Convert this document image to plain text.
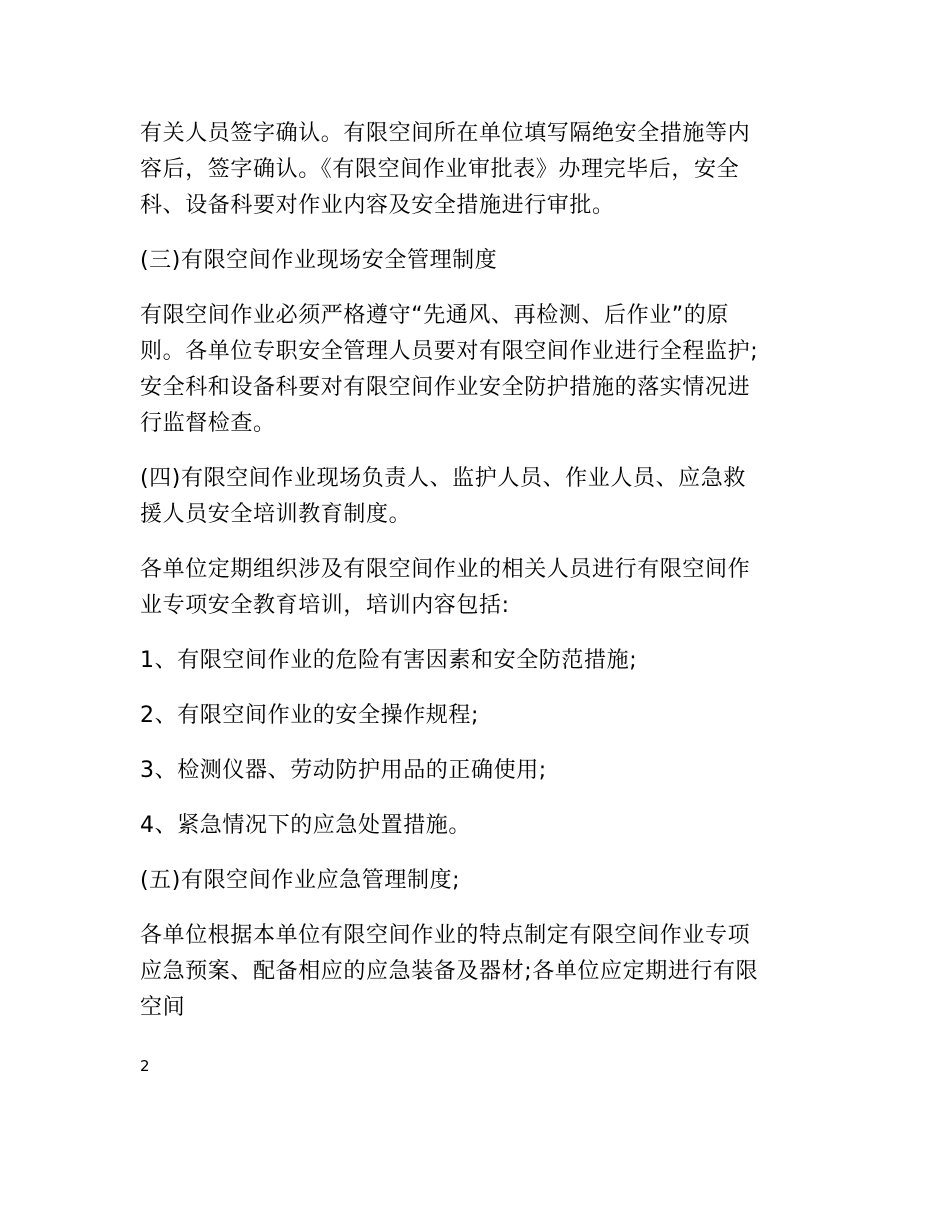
有关人员签字确认。有限空间所在单位填写隔绝安全措施等内
容后，签字确认。《有限空间作业审批表》办理完毕后，安全
科、设备科要对作业内容及安全措施进行审批。

(三)有限空间作业现场安全管理制度

有限空间作业必须严格遵守“先通风、再检测、后作业”的原
则。各单位专职安全管理人员要对有限空间作业进行全程监护;
安全科和设备科要对有限空间作业安全防护措施的落实情况进
行监督检查。

(四)有限空间作业现场负责人、监护人员、作业人员、应急救
援人员安全培训教育制度。

各单位定期组织涉及有限空间作业的相关人员进行有限空间作
业专项安全教育培训，培训内容包括:

1、有限空间作业的危险有害因素和安全防范措施;

2、有限空间作业的安全操作规程;

3、检测仪器、劳动防护用品的正确使用;

4、紧急情况下的应急处置措施。

(五)有限空间作业应急管理制度;

各单位根据本单位有限空间作业的特点制定有限空间作业专项
应急预案、配备相应的应急装备及器材;各单位应定期进行有限
空间

2
